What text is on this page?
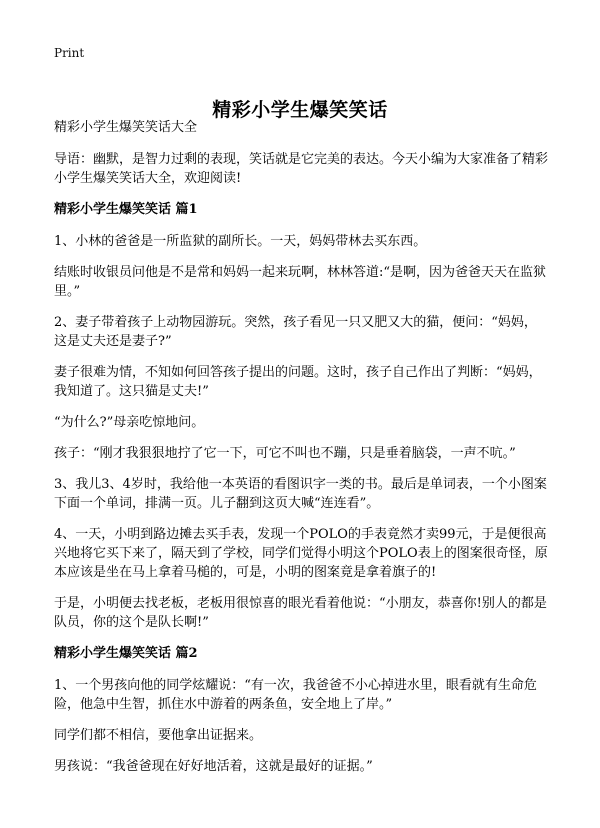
Print
精彩小学生爆笑笑话

精彩小学生爆笑笑话大全

导语：幽默，是智力过剩的表现，笑话就是它完美的表达。今天小编为大家准备了精彩小学生爆笑笑话大全，欢迎阅读!

精彩小学生爆笑笑话 篇1

1、小林的爸爸是一所监狱的副所长。一天，妈妈带林去买东西。

结账时收银员问他是不是常和妈妈一起来玩啊，林林答道:“是啊，因为爸爸天天在监狱里。”

2、妻子带着孩子上动物园游玩。突然，孩子看见一只又肥又大的猫，便问：“妈妈，这是丈夫还是妻子?”

妻子很难为情，不知如何回答孩子提出的问题。这时，孩子自己作出了判断：“妈妈，我知道了。这只猫是丈夫!”

“为什么?”母亲吃惊地问。

孩子：“刚才我狠狠地拧了它一下，可它不叫也不蹦，只是垂着脑袋，一声不吭。”

3、我儿3、4岁时，我给他一本英语的看图识字一类的书。最后是单词表，一个小图案下面一个单词，排满一页。儿子翻到这页大喊“连连看”。

4、一天，小明到路边摊去买手表，发现一个POLO的手表竟然才卖99元，于是便很高兴地将它买下来了，隔天到了学校，同学们觉得小明这个POLO表上的图案很奇怪，原本应该是坐在马上拿着马槌的，可是，小明的图案竟是拿着旗子的!

于是，小明便去找老板，老板用很惊喜的眼光看着他说：“小朋友，恭喜你!别人的都是队员，你的这个是队长啊!”

精彩小学生爆笑笑话 篇2

1、一个男孩向他的同学炫耀说：“有一次，我爸爸不小心掉进水里，眼看就有生命危险，他急中生智，抓住水中游着的两条鱼，安全地上了岸。”

同学们都不相信，要他拿出证据来。

男孩说：“我爸爸现在好好地活着，这就是最好的证据。”
